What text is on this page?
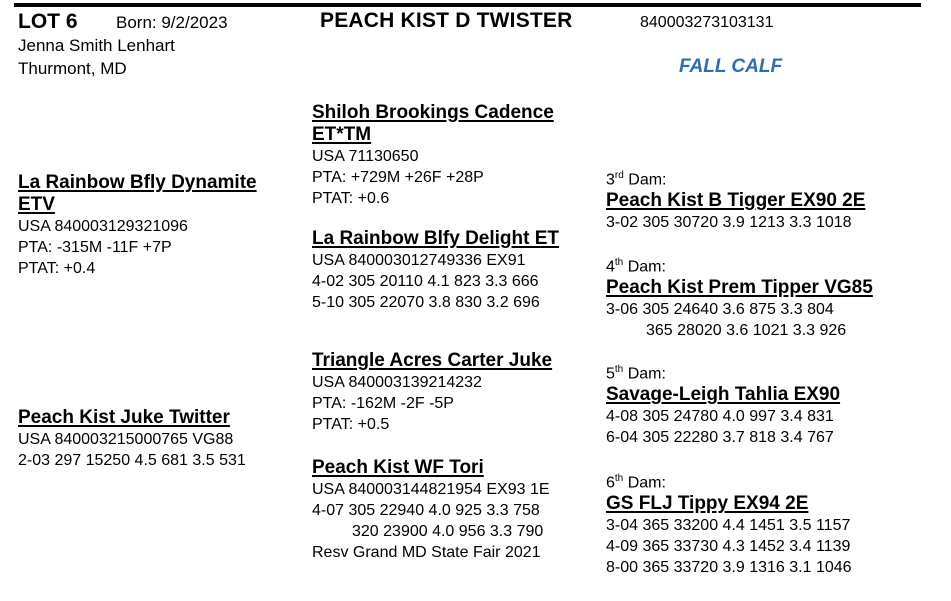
LOT 6 Born: 9/2/2023	PEACH KIST D TWISTER	840003273103131
Jenna Smith Lenhart
Thurmont, MD	FALL CALF
La Rainbow Bfly Dynamite ETV
USA 840003129321096
PTA: -315M -11F +7P
PTAT: +0.4
Shiloh Brookings Cadence ET*TM
USA 71130650
PTA: +729M +26F +28P
PTAT: +0.6
La Rainbow Blfy Delight ET
USA 840003012749336 EX91
4-02 305 20110 4.1 823 3.3 666
5-10 305 22070 3.8 830 3.2 696
Peach Kist Juke Twitter
USA 840003215000765 VG88
2-03 297 15250 4.5 681 3.5 531
Triangle Acres Carter Juke
USA 840003139214232
PTA: -162M -2F -5P
PTAT: +0.5
Peach Kist WF Tori
USA 840003144821954 EX93 1E
4-07 305 22940 4.0 925 3.3 758
320 23900 4.0 956 3.3 790
Resv Grand MD State Fair 2021
3rd Dam:
Peach Kist B Tigger EX90 2E
3-02 305 30720 3.9 1213 3.3 1018
4th Dam:
Peach Kist Prem Tipper VG85
3-06 305 24640 3.6 875 3.3 804
365 28020 3.6 1021 3.3 926
5th Dam:
Savage-Leigh Tahlia EX90
4-08 305 24780 4.0 997 3.4 831
6-04 305 22280 3.7 818 3.4 767
6th Dam:
GS FLJ Tippy EX94 2E
3-04 365 33200 4.4 1451 3.5 1157
4-09 365 33730 4.3 1452 3.4 1139
8-00 365 33720 3.9 1316 3.1 1046
